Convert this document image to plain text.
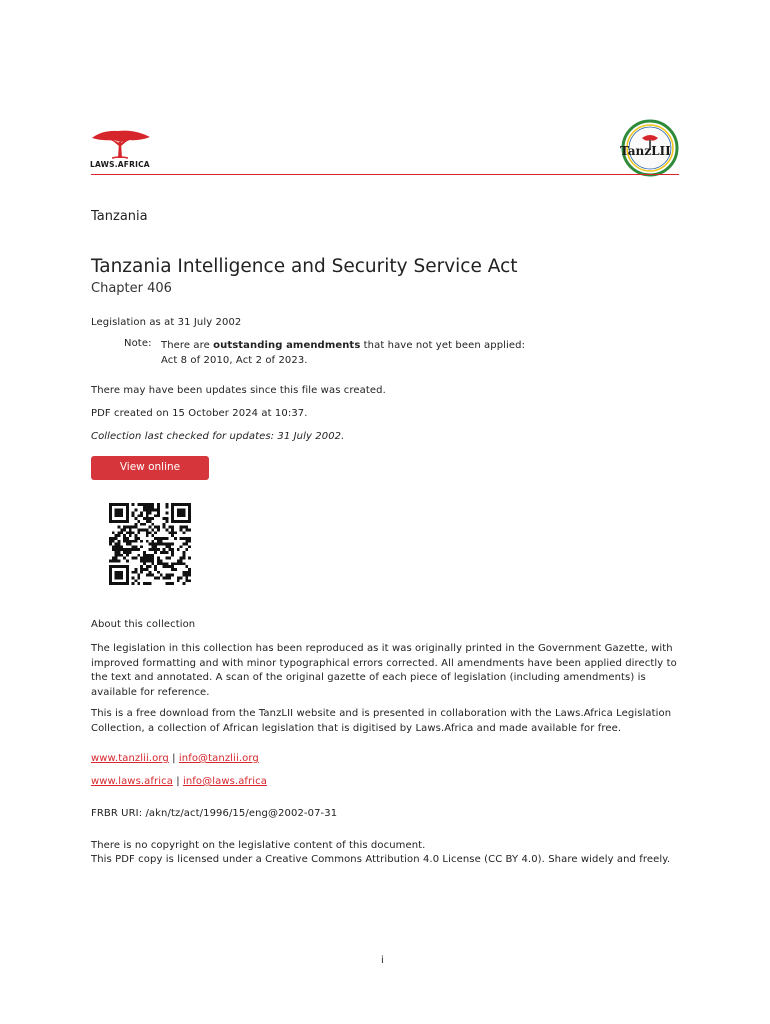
LAWS.AFRICA
TanzLII
Tanzania
Tanzania Intelligence and Security Service Act
Chapter 406
Legislation as at 31 July 2002
Note: There are outstanding amendments that have not yet been applied:
Act 8 of 2010, Act 2 of 2023.
There may have been updates since this file was created.
PDF created on 15 October 2024 at 10:37.
Collection last checked for updates: 31 July 2002.
View online
About this collection
The legislation in this collection has been reproduced as it was originally printed in the Government Gazette, with improved formatting and with minor typographical errors corrected. All amendments have been applied directly to the text and annotated. A scan of the original gazette of each piece of legislation (including amendments) is available for reference.
This is a free download from the TanzLII website and is presented in collaboration with the Laws.Africa Legislation Collection, a collection of African legislation that is digitised by Laws.Africa and made available for free.
www.tanzlii.org | info@tanzlii.org
www.laws.africa | info@laws.africa
FRBR URI: /akn/tz/act/1996/15/eng@2002-07-31
There is no copyright on the legislative content of this document.
This PDF copy is licensed under a Creative Commons Attribution 4.0 License (CC BY 4.0). Share widely and freely.
i
